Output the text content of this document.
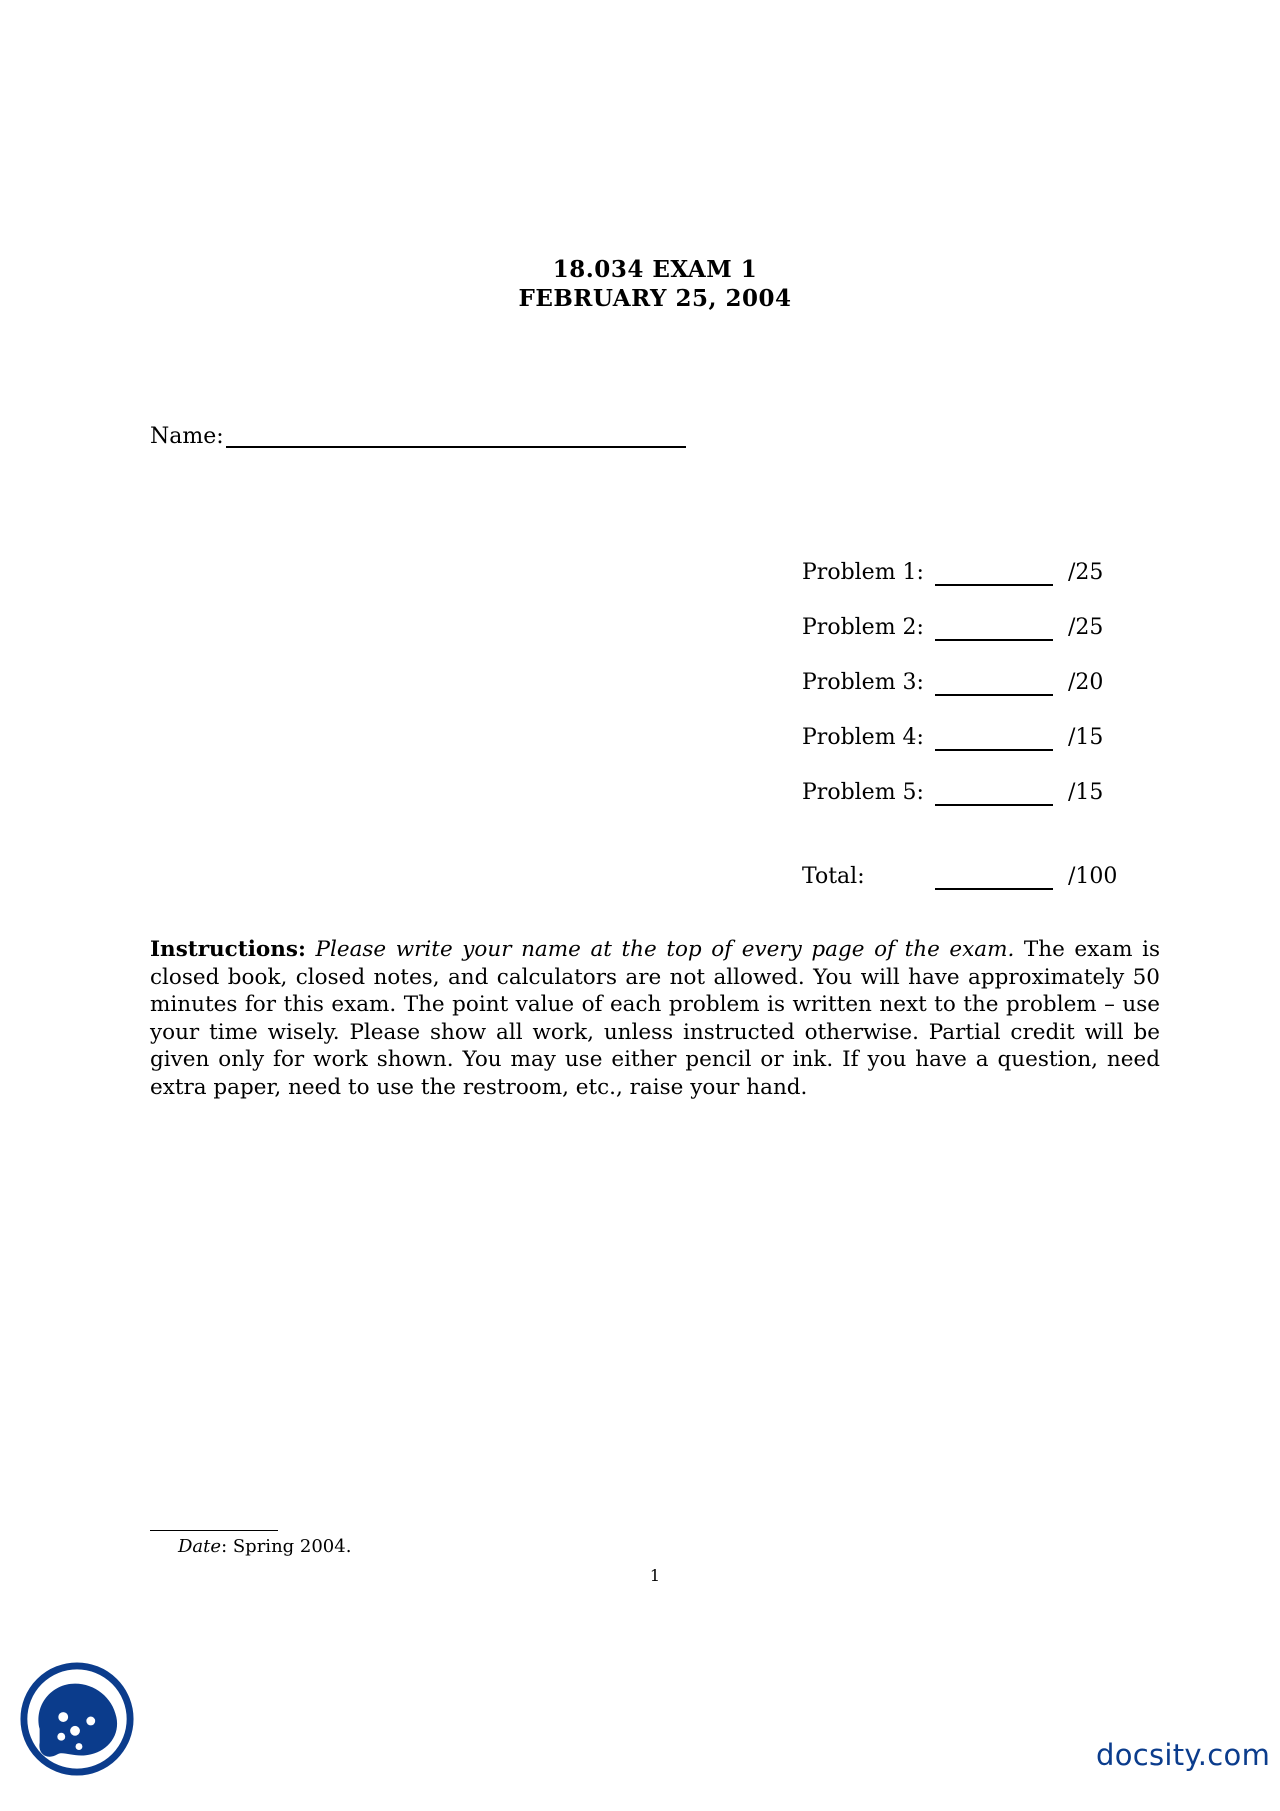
18.034 EXAM 1
FEBRUARY 25, 2004
Name:
Problem 1:	/25
Problem 2:	/25
Problem 3:	/20
Problem 4:	/15
Problem 5:	/15
Total:	/100
Instructions: Please write your name at the top of every page of the exam. The exam is closed book, closed notes, and calculators are not allowed. You will have approximately 50 minutes for this exam. The point value of each problem is written next to the problem – use your time wisely. Please show all work, unless instructed otherwise. Partial credit will be given only for work shown. You may use either pencil or ink. If you have a question, need extra paper, need to use the restroom, etc., raise your hand.
Date: Spring 2004.
1
docsity.com
